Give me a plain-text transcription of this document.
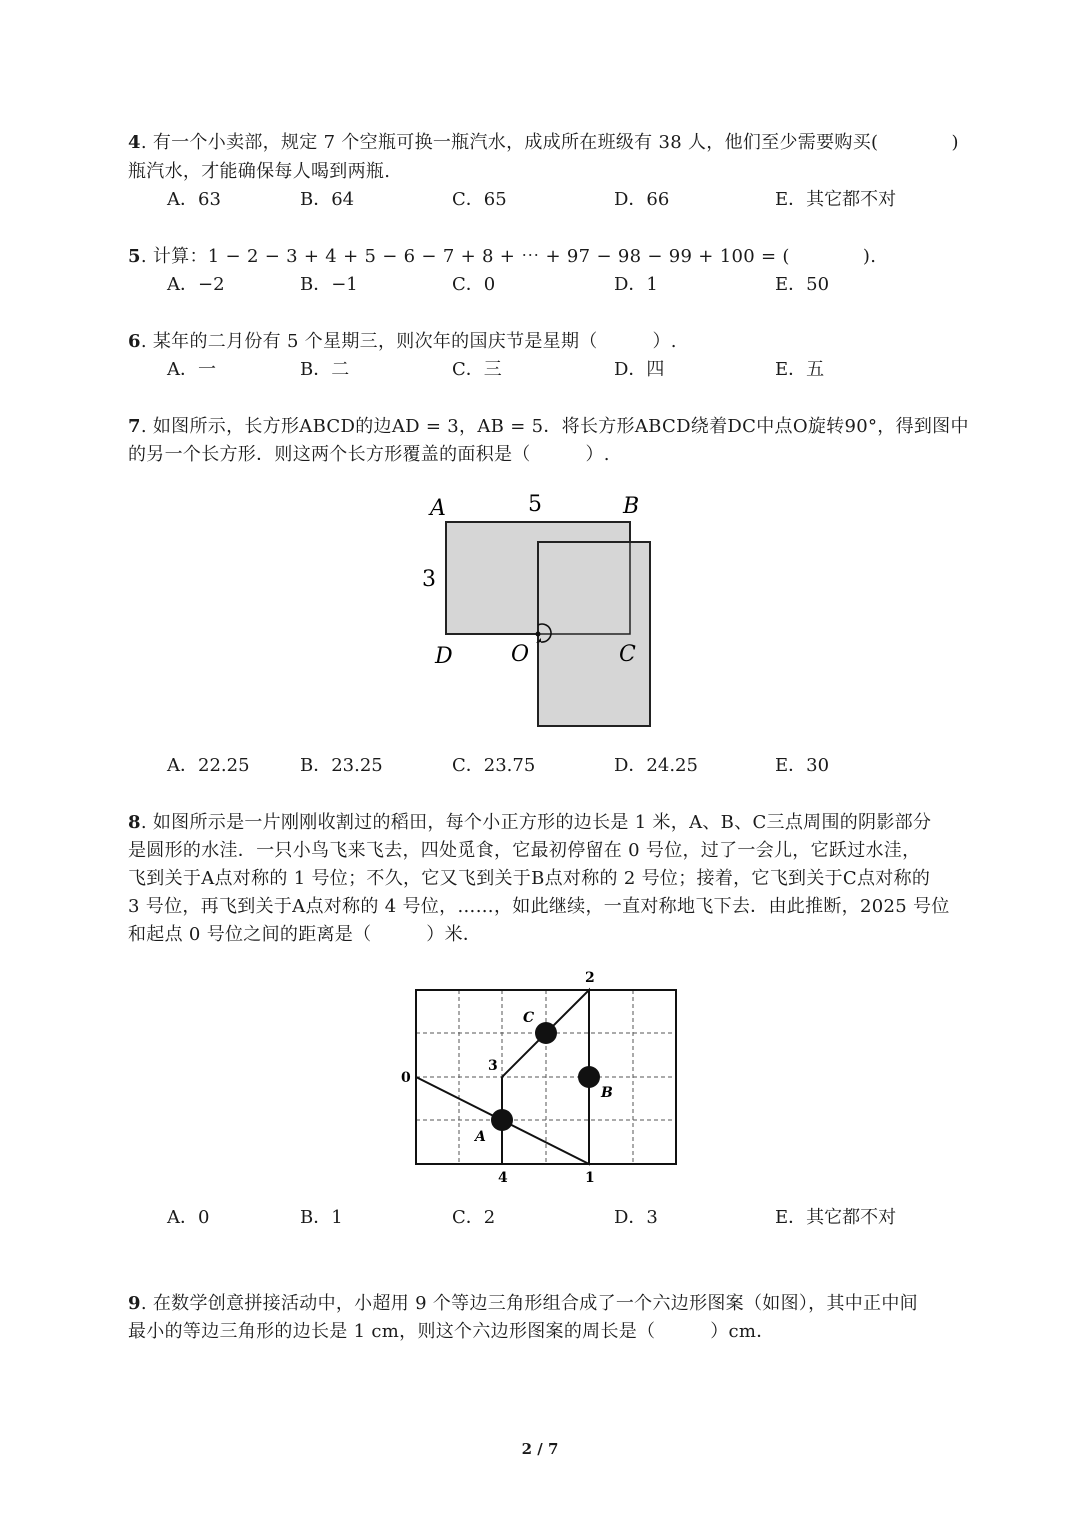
4. 有一个小卖部，规定 7 个空瓶可换一瓶汽水，成成所在班级有 38 人，他们至少需要购买(　　　　)
瓶汽水，才能确保每人喝到两瓶.
A．63	B．64	C．65	D．66	E．其它都不对
5. 计算：1 − 2 − 3 + 4 + 5 − 6 − 7 + 8 + ⋯ + 97 − 98 − 99 + 100 = (　　　　).
A．−2	B．−1	C．0	D．1	E．50
6. 某年的二月份有 5 个星期三，则次年的国庆节是星期（　　　）.
A．一	B．二	C．三	D．四	E．五
7. 如图所示，长方形ABCD的边AD = 3，AB = 5．将长方形ABCD绕着DC中点O旋转90°，得到图中
的另一个长方形．则这两个长方形覆盖的面积是（　　　）.
A	5	B
3
D	O	C
A．22.25	B．23.25	C．23.75	D．24.25	E．30
8. 如图所示是一片刚刚收割过的稻田，每个小正方形的边长是 1 米，A、B、C三点周围的阴影部分
是圆形的水洼．一只小鸟飞来飞去，四处觅食，它最初停留在 0 号位，过了一会儿，它跃过水洼，
飞到关于A点对称的 1 号位；不久，它又飞到关于B点对称的 2 号位；接着，它飞到关于C点对称的
3 号位，再飞到关于A点对称的 4 号位，……，如此继续，一直对称地飞下去．由此推断，2025 号位
和起点 0 号位之间的距离是（　　　）米．
0
1
2
3
4
A
B
C
A．0	B．1	C．2	D．3	E．其它都不对
9. 在数学创意拼接活动中，小超用 9 个等边三角形组合成了一个六边形图案（如图），其中正中间
最小的等边三角形的边长是 1 cm，则这个六边形图案的周长是（　　　）cm．
2 / 7
